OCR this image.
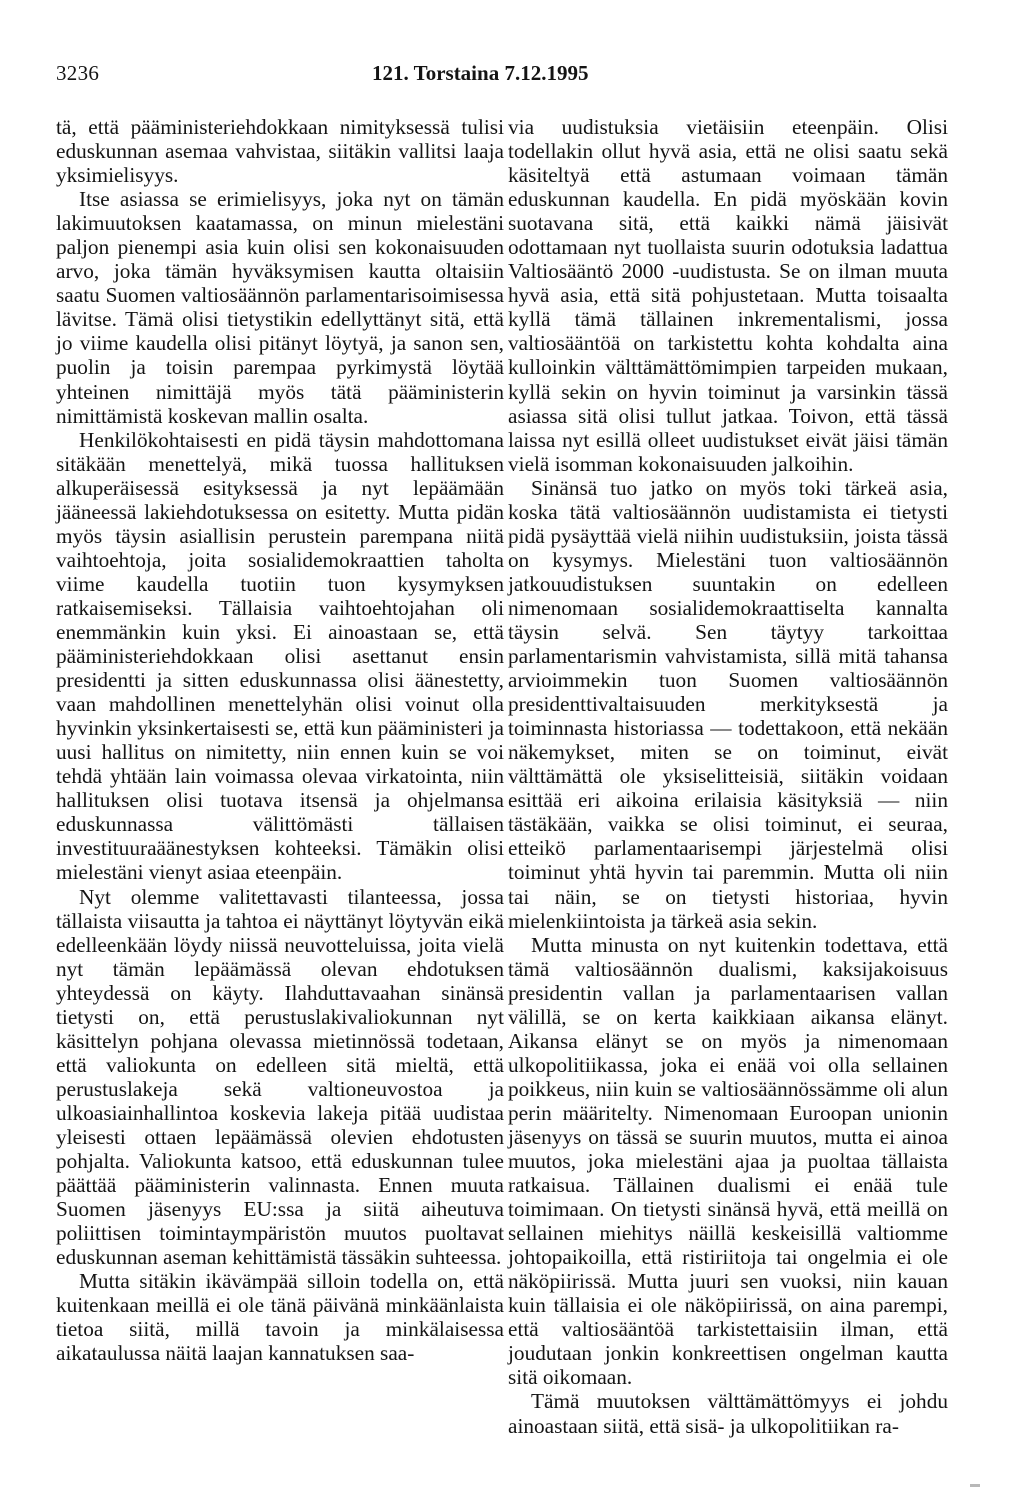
3236	121. Torstaina 7.12.1995

tä, että pääministeriehdokkaan nimityksessä tulisi eduskunnan asemaa vahvistaa, siitäkin vallitsi laaja yksimielisyys.

Itse asiassa se erimielisyys, joka nyt on tämän lakimuutoksen kaatamassa, on minun mielestäni paljon pienempi asia kuin olisi sen kokonaisuuden arvo, joka tämän hyväksymisen kautta oltaisiin saatu Suomen valtiosäännön parlamentarisoimisessa lävitse. Tämä olisi tietystikin edellyttänyt sitä, että jo viime kaudella olisi pitänyt löytyä, ja sanon sen, puolin ja toisin parempaa pyrkimystä löytää yhteinen nimittäjä myös tätä pääministerin nimittämistä koskevan mallin osalta.

Henkilökohtaisesti en pidä täysin mahdottomana sitäkään menettelyä, mikä tuossa hallituksen alkuperäisessä esityksessä ja nyt lepäämään jääneessä lakiehdotuksessa on esitetty. Mutta pidän myös täysin asiallisin perustein parempana niitä vaihtoehtoja, joita sosialidemokraattien taholta viime kaudella tuotiin tuon kysymyksen ratkaisemiseksi. Tällaisia vaihtoehtojahan oli enemmänkin kuin yksi. Ei ainoastaan se, että pääministeriehdokkaan olisi asettanut ensin presidentti ja sitten eduskunnassa olisi äänestetty, vaan mahdollinen menettelyhän olisi voinut olla hyvinkin yksinkertaisesti se, että kun pääministeri ja uusi hallitus on nimitetty, niin ennen kuin se voi tehdä yhtään lain voimassa olevaa virkatointa, niin hallituksen olisi tuotava itsensä ja ohjelmansa eduskunnassa välittömästi tällaisen investituuraäänestyksen kohteeksi. Tämäkin olisi mielestäni vienyt asiaa eteenpäin.

Nyt olemme valitettavasti tilanteessa, jossa tällaista viisautta ja tahtoa ei näyttänyt löytyvän eikä edelleenkään löydy niissä neuvotteluissa, joita vielä nyt tämän lepäämässä olevan ehdotuksen yhteydessä on käyty. Ilahduttavaahan sinänsä tietysti on, että perustuslakivaliokunnan nyt käsittelyn pohjana olevassa mietinnössä todetaan, että valiokunta on edelleen sitä mieltä, että perustuslakeja sekä valtioneuvostoa ja ulkoasiainhallintoa koskevia lakeja pitää uudistaa yleisesti ottaen lepäämässä olevien ehdotusten pohjalta. Valiokunta katsoo, että eduskunnan tulee päättää pääministerin valinnasta. Ennen muuta Suomen jäsenyys EU:ssa ja siitä aiheutuva poliittisen toimintaympäristön muutos puoltavat eduskunnan aseman kehittämistä tässäkin suhteessa.

Mutta sitäkin ikävämpää silloin todella on, että kuitenkaan meillä ei ole tänä päivänä minkäänlaista tietoa siitä, millä tavoin ja minkälaisessa aikataulussa näitä laajan kannatuksen saa-

via uudistuksia vietäisiin eteenpäin. Olisi todellakin ollut hyvä asia, että ne olisi saatu sekä käsiteltyä että astumaan voimaan tämän eduskunnan kaudella. En pidä myöskään kovin suotavana sitä, että kaikki nämä jäisivät odottamaan nyt tuollaista suurin odotuksia ladattua Valtiosääntö 2000 -uudistusta. Se on ilman muuta hyvä asia, että sitä pohjustetaan. Mutta toisaalta kyllä tämä tällainen inkrementalismi, jossa valtiosääntöä on tarkistettu kohta kohdalta aina kulloinkin välttämättömimpien tarpeiden mukaan, kyllä sekin on hyvin toiminut ja varsinkin tässä asiassa sitä olisi tullut jatkaa. Toivon, että tässä laissa nyt esillä olleet uudistukset eivät jäisi tämän vielä isomman kokonaisuuden jalkoihin.

Sinänsä tuo jatko on myös toki tärkeä asia, koska tätä valtiosäännön uudistamista ei tietysti pidä pysäyttää vielä niihin uudistuksiin, joista tässä on kysymys. Mielestäni tuon valtiosäännön jatkouudistuksen suuntakin on edelleen nimenomaan sosialidemokraattiselta kannalta täysin selvä. Sen täytyy tarkoittaa parlamentarismin vahvistamista, sillä mitä tahansa arvioimmekin tuon Suomen valtiosäännön presidenttivaltaisuuden merkityksestä ja toiminnasta historiassa — todettakoon, että nekään näkemykset, miten se on toiminut, eivät välttämättä ole yksiselitteisiä, siitäkin voidaan esittää eri aikoina erilaisia käsityksiä — niin tästäkään, vaikka se olisi toiminut, ei seuraa, etteikö parlamentaarisempi järjestelmä olisi toiminut yhtä hyvin tai paremmin. Mutta oli niin tai näin, se on tietysti historiaa, hyvin mielenkiintoista ja tärkeä asia sekin.

Mutta minusta on nyt kuitenkin todettava, että tämä valtiosäännön dualismi, kaksijakoisuus presidentin vallan ja parlamentaarisen vallan välillä, se on kerta kaikkiaan aikansa elänyt. Aikansa elänyt se on myös ja nimenomaan ulkopolitiikassa, joka ei enää voi olla sellainen poikkeus, niin kuin se valtiosäännössämme oli alun perin määritelty. Nimenomaan Euroopan unionin jäsenyys on tässä se suurin muutos, mutta ei ainoa muutos, joka mielestäni ajaa ja puoltaa tällaista ratkaisua. Tällainen dualismi ei enää tule toimimaan. On tietysti sinänsä hyvä, että meillä on sellainen miehitys näillä keskeisillä valtiomme johtopaikoilla, että ristiriitoja tai ongelmia ei ole näköpiirissä. Mutta juuri sen vuoksi, niin kauan kuin tällaisia ei ole näköpiirissä, on aina parempi, että valtiosääntöä tarkistettaisiin ilman, että joudutaan jonkin konkreettisen ongelman kautta sitä oikomaan.

Tämä muutoksen välttämättömyys ei johdu ainoastaan siitä, että sisä- ja ulkopolitiikan ra-
